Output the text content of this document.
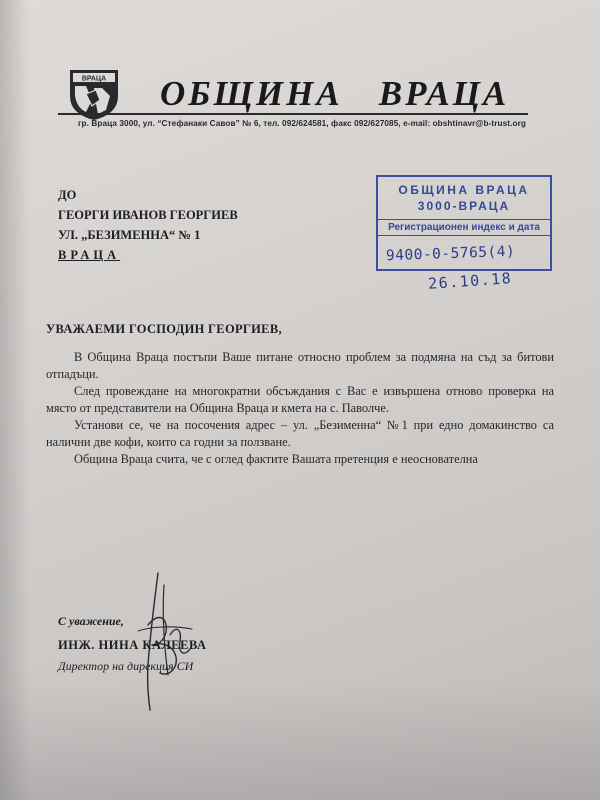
ВРАЦА ОБЩИНА ВРАЦА
гр. Враца 3000, ул. “Стефанаки Савов” № 6, тел. 092/624581, факс 092/627085, e-mail: obshtinavr@b-trust.org
ДО
ГЕОРГИ ИВАНОВ ГЕОРГИЕВ
УЛ. „БЕЗИМЕННА“ № 1
ВРАЦА
ОБЩИНА ВРАЦА
3000-ВРАЦА
Регистрационен индекс и дата
9400-0-5765(4)
26.10.18
УВАЖАЕМИ ГОСПОДИН ГЕОРГИЕВ,

В Община Враца постъпи Ваше питане относно проблем за подмяна на съд за битови отпадъци.

След провеждане на многократни обсъждания с Вас е извършена отново проверка на място от представители на Община Враца и кмета на с. Паволче.

Установи се, че на посочения адрес – ул. „Безименна“ №1 при едно домакинство са налични две кофи, които са годни за ползване.

Община Враца счита, че с оглед фактите Вашата претенция е неоснователна

С уважение,
ИНЖ. НИНА КАЛЕЕВА
Директор на дирекция СИ
